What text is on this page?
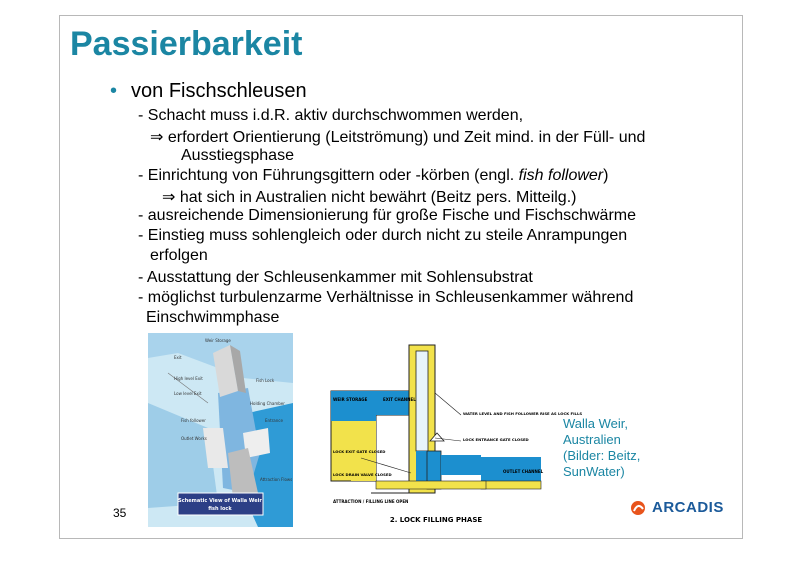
Passierbarkeit
• von Fischschleusen
- Schacht muss i.d.R. aktiv durchschwommen werden,
⇒ erfordert Orientierung (Leitströmung) und Zeit mind. in der Füll- und
Ausstiegsphase
- Einrichtung von Führungsgittern oder -körben (engl. fish follower)
⇒ hat sich in Australien nicht bewährt (Beitz pers. Mitteilg.)
- ausreichende Dimensionierung für große Fische und Fischschwärme
- Einstieg muss sohlengleich oder durch nicht zu steile Anrampungen
erfolgen
- Ausstattung der Schleusenkammer mit Sohlensubstrat
- möglichst turbulenzarme Verhältnisse in Schleusenkammer während
Einschwimmphase
Weir Storage
Exit
High level Exit
Low level Exit
Fish follower
Outlet Works
Fish Lock
Holding Chamber
Entrance
Attraction Flows
Schematic View of Walla Weir
fish lock
WEIR STORAGE	EXIT CHANNEL
WATER LEVEL AND FISH FOLLOWER RISE AS LOCK FILLS
LOCK ENTRANCE GATE CLOSED
LOCK EXIT GATE CLOSED
LOCK DRAIN VALVE CLOSED
OUTLET CHANNEL
ATTRACTION / FILLING LINE OPEN
2. LOCK FILLING PHASE
Walla Weir,
Australien
(Bilder: Beitz,
SunWater)
35	ARCADIS
